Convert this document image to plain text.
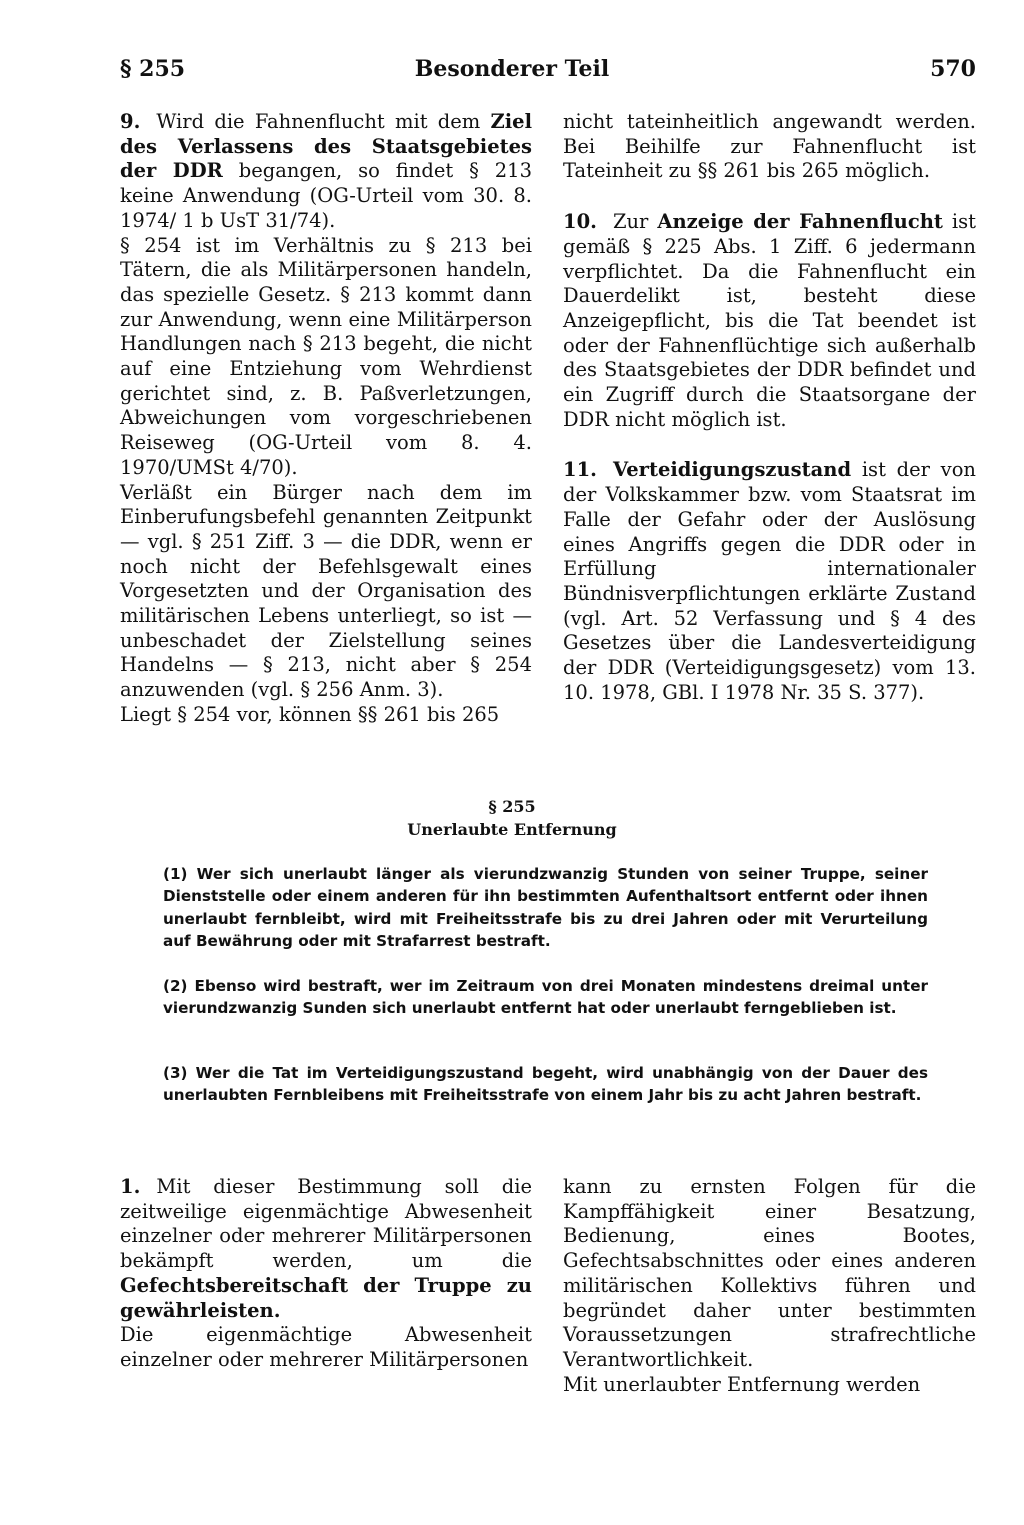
§ 255	Besonderer Teil	570

9. Wird die Fahnenflucht mit dem Ziel des Verlassens des Staatsgebietes der DDR begangen, so findet § 213 keine Anwendung (OG-Urteil vom 30. 8. 1974/ 1 b UsT 31/74).

§ 254 ist im Verhältnis zu § 213 bei Tätern, die als Militärpersonen handeln, das spezielle Gesetz. § 213 kommt dann zur Anwendung, wenn eine Militärperson Handlungen nach § 213 begeht, die nicht auf eine Entziehung vom Wehrdienst gerichtet sind, z. B. Paßverletzungen, Abweichungen vom vorgeschriebenen Reiseweg (OG-Urteil vom 8. 4. 1970/UMSt 4/70).

Verläßt ein Bürger nach dem im Einberufungsbefehl genannten Zeitpunkt — vgl. § 251 Ziff. 3 — die DDR, wenn er noch nicht der Befehlsgewalt eines Vorgesetzten und der Organisation des militärischen Lebens unterliegt, so ist — unbeschadet der Zielstellung seines Handelns — § 213, nicht aber § 254 anzuwenden (vgl. § 256 Anm. 3).

Liegt § 254 vor, können §§ 261 bis 265

nicht tateinheitlich angewandt werden. Bei Beihilfe zur Fahnenflucht ist Tateinheit zu §§ 261 bis 265 möglich.

10. Zur Anzeige der Fahnenflucht ist gemäß § 225 Abs. 1 Ziff. 6 jedermann verpflichtet. Da die Fahnenflucht ein Dauerdelikt ist, besteht diese Anzeigepflicht, bis die Tat beendet ist oder der Fahnenflüchtige sich außerhalb des Staatsgebietes der DDR befindet und ein Zugriff durch die Staatsorgane der DDR nicht möglich ist.

11. Verteidigungszustand ist der von der Volkskammer bzw. vom Staatsrat im Falle der Gefahr oder der Auslösung eines Angriffs gegen die DDR oder in Erfüllung internationaler Bündnisverpflichtungen erklärte Zustand (vgl. Art. 52 Verfassung und § 4 des Gesetzes über die Landesverteidigung der DDR (Verteidigungsgesetz) vom 13. 10. 1978, GBl. I 1978 Nr. 35 S. 377).

§ 255
Unerlaubte Entfernung

(1) Wer sich unerlaubt länger als vierundzwanzig Stunden von seiner Truppe, seiner Dienststelle oder einem anderen für ihn bestimmten Aufenthaltsort entfernt oder ihnen unerlaubt fernbleibt, wird mit Freiheitsstrafe bis zu drei Jahren oder mit Verurteilung auf Bewährung oder mit Strafarrest bestraft.

(2) Ebenso wird bestraft, wer im Zeitraum von drei Monaten mindestens dreimal unter vierundzwanzig Sunden sich unerlaubt entfernt hat oder unerlaubt ferngeblieben ist.

(3) Wer die Tat im Verteidigungszustand begeht, wird unabhängig von der Dauer des unerlaubten Fernbleibens mit Freiheitsstrafe von einem Jahr bis zu acht Jahren bestraft.

1. Mit dieser Bestimmung soll die zeitweilige eigenmächtige Abwesenheit einzelner oder mehrerer Militärpersonen bekämpft werden, um die Gefechtsbereitschaft der Truppe zu gewährleisten.

Die eigenmächtige Abwesenheit einzelner oder mehrerer Militärpersonen

kann zu ernsten Folgen für die Kampffähigkeit einer Besatzung, Bedienung, eines Bootes, Gefechtsabschnittes oder eines anderen militärischen Kollektivs führen und begründet daher unter bestimmten Voraussetzungen strafrechtliche Verantwortlichkeit.

Mit unerlaubter Entfernung werden
